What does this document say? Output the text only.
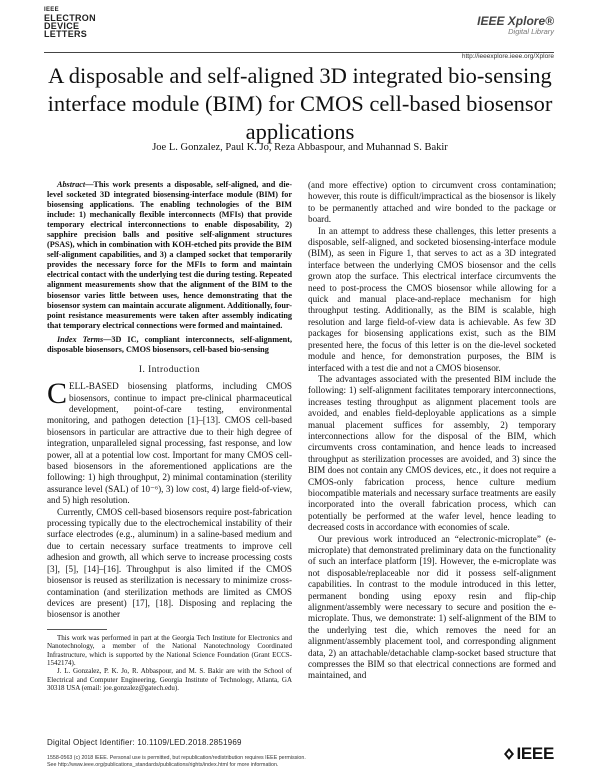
IEEE
ELECTRON
DEVICE
LETTERS
IEEE Xplore®
Digital Library
http://ieeexplore.ieee.org/Xplore
A disposable and self-aligned 3D integrated bio-sensing interface module (BIM) for CMOS cell-based biosensor applications
Joe L. Gonzalez, Paul K. Jo, Reza Abbaspour, and Muhannad S. Bakir

Abstract—This work presents a disposable, self-aligned, and die-level socketed 3D integrated biosensing-interface module (BIM) for biosensing applications. The enabling technologies of the BIM include: 1) mechanically flexible interconnects (MFIs) that provide temporary electrical interconnections to enable disposability, 2) sapphire precision balls and positive self-alignment structures (PSAS), which in combination with KOH-etched pits provide the BIM self-alignment capabilities, and 3) a clamped socket that temporarily provides the necessary force for the MFIs to form and maintain electrical contact with the underlying test die during testing. Repeated alignment measurements show that the alignment of the BIM to the biosensor varies little between uses, hence demonstrating that the biosensor system can maintain accurate alignment. Additionally, four-point resistance measurements were taken after assembly indicating that temporary electrical connections were formed and maintained.

Index Terms—3D IC, compliant interconnects, self-alignment, disposable biosensors, CMOS biosensors, cell-based bio-sensing

I. Introduction

CELL-BASED biosensing platforms, including CMOS biosensors, continue to impact pre-clinical pharmaceutical development, point-of-care testing, environmental monitoring, and pathogen detection [1]–[13]. CMOS cell-based biosensors in particular are attractive due to their high degree of integration, unparalleled signal processing, fast response, and low power, all at a potential low cost. Important for many CMOS cell-based biosensors in the aforementioned applications are the following: 1) high throughput, 2) minimal contamination (sterility assurance level (SAL) of 10⁻⁶), 3) low cost, 4) large field-of-view, and 5) high resolution.

Currently, CMOS cell-based biosensors require post-fabrication processing typically due to the electrochemical instability of their surface electrodes (e.g., aluminum) in a saline-based medium and due to certain necessary surface treatments to improve cell adhesion and growth, all which serve to increase processing costs [3], [5], [14]–[16]. Throughput is also limited if the CMOS biosensor is reused as sterilization is necessary to minimize cross-contamination (and sterilization methods are limited as CMOS devices are present) [17], [18]. Disposing and replacing the biosensor is another

This work was performed in part at the Georgia Tech Institute for Electronics and Nanotechnology, a member of the National Nanotechnology Coordinated Infrastructure, which is supported by the National Science Foundation (Grant ECCS-1542174).

J. L. Gonzalez, P. K. Jo, R. Abbaspour, and M. S. Bakir are with the School of Electrical and Computer Engineering, Georgia Institute of Technology, Atlanta, GA 30318 USA (email: joe.gonzalez@gatech.edu).

(and more effective) option to circumvent cross contamination; however, this route is difficult/impractical as the biosensor is likely to be permanently attached and wire bonded to the package or board.

In an attempt to address these challenges, this letter presents a disposable, self-aligned, and socketed biosensing-interface module (BIM), as seen in Figure 1, that serves to act as a 3D integrated interface between the underlying CMOS biosensor and the cells grown atop the surface. This electrical interface circumvents the need to post-process the CMOS biosensor while allowing for a quick and manual place-and-replace mechanism for high throughput testing. Additionally, as the BIM is scalable, high resolution and large field-of-view data is achievable. As few 3D packages for biosensing applications exist, such as the BIM presented here, the focus of this letter is on the die-level socketed module and hence, for demonstration purposes, the BIM is interfaced with a test die and not a CMOS biosensor.

The advantages associated with the presented BIM include the following: 1) self-alignment facilitates temporary interconnections, increases testing throughput as alignment placement tools are avoided, and enables field-deployable applications as a simple manual placement suffices for assembly, 2) temporary interconnections allow for the disposal of the BIM, which circumvents cross contamination, and hence leads to increased throughput as sterilization processes are avoided, and 3) since the BIM does not contain any CMOS devices, etc., it does not require a CMOS-only fabrication process, hence culture medium biocompatible materials and necessary surface treatments are easily incorporated into the overall fabrication process, which can potentially be performed at the wafer level, hence leading to decreased costs in accordance with economies of scale.

Our previous work introduced an “electronic-microplate” (e-microplate) that demonstrated preliminary data on the functionality of such an interface platform [19]. However, the e-microplate was not disposable/replaceable nor did it possess self-alignment capabilities. In contrast to the module introduced in this letter, permanent bonding using epoxy resin and flip-chip alignment/assembly were necessary to secure and position the e-microplate. Thus, we demonstrate: 1) self-alignment of the BIM to the underlying test die, which removes the need for an alignment/assembly placement tool, and corresponding alignment data, 2) an attachable/detachable clamp-socket based structure that compresses the BIM so that electrical connections are formed and maintained, and

Digital Object Identifier: 10.1109/LED.2018.2851969
1558-0563 (c) 2018 IEEE. Personal use is permitted, but republication/redistribution requires IEEE permission.
See http://www.ieee.org/publications_standards/publications/rights/index.html for more information.
IEEE
